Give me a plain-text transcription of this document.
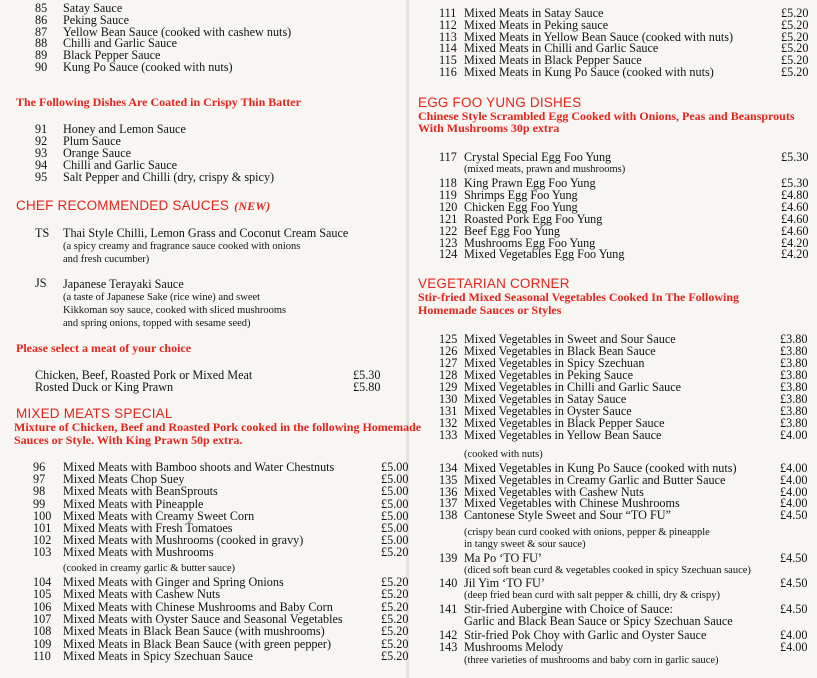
85 Satay Sauce
86 Peking Sauce
87 Yellow Bean Sauce (cooked with cashew nuts)
88 Chilli and Garlic Sauce
89 Black Pepper Sauce
90 Kung Po Sauce (cooked with nuts)
The Following Dishes Are Coated in Crispy Thin Batter
91 Honey and Lemon Sauce
92 Plum Sauce
93 Orange Sauce
94 Chilli and Garlic Sauce
95 Salt Pepper and Chilli (dry, crispy & spicy)
CHEF RECOMMENDED SAUCES (NEW)
TS Thai Style Chilli, Lemon Grass and Coconut Cream Sauce
(a spicy creamy and fragrance sauce cooked with onions
and fresh cucumber)
JS Japanese Terayaki Sauce
(a taste of Japanese Sake (rice wine) and sweet
Kikkoman soy sauce, cooked with sliced mushrooms
and spring onions, topped with sesame seed)
Please select a meat of your choice
Chicken, Beef, Roasted Pork or Mixed Meat	£5.30
Rosted Duck or King Prawn	£5.80
MIXED MEATS SPECIAL
Mixture of Chicken, Beef and Roasted Pork cooked in the following Homemade
Sauces or Style. With King Prawn 50p extra.
96 Mixed Meats with Bamboo shoots and Water Chestnuts	£5.00
97 Mixed Meats Chop Suey	£5.00
98 Mixed Meats with BeanSprouts	£5.00
99 Mixed Meats with Pineapple	£5.00
100 Mixed Meats with Creamy Sweet Corn	£5.00
101 Mixed Meats with Fresh Tomatoes	£5.00
102 Mixed Meats with Mushrooms (cooked in gravy)	£5.00
103 Mixed Meats with Mushrooms	£5.20
(cooked in creamy garlic & butter sauce)
104 Mixed Meats with Ginger and Spring Onions	£5.20
105 Mixed Meats with Cashew Nuts	£5.20
106 Mixed Meats with Chinese Mushrooms and Baby Corn	£5.20
107 Mixed Meats with Oyster Sauce and Seasonal Vegetables	£5.20
108 Mixed Meats in Black Bean Sauce (with mushrooms)	£5.20
109 Mixed Meats in Black Bean Sauce (with green pepper)	£5.20
110 Mixed Meats in Spicy Szechuan Sauce	£5.20
111 Mixed Meats in Satay Sauce	£5.20
112 Mixed Meats in Peking sauce	£5.20
113 Mixed Meats in Yellow Bean Sauce (cooked with nuts)	£5.20
114 Mixed Meats in Chilli and Garlic Sauce	£5.20
115 Mixed Meats in Black Pepper Sauce	£5.20
116 Mixed Meats in Kung Po Sauce (cooked with nuts)	£5.20
EGG FOO YUNG DISHES
Chinese Style Scrambled Egg Cooked with Onions, Peas and Beansprouts
With Mushrooms 30p extra
117 Crystal Special Egg Foo Yung	£5.30
(mixed meats, prawn and mushrooms)
118 King Prawn Egg Foo Yung	£5.30
119 Shrimps Egg Foo Yung	£4.80
120 Chicken Egg Foo Yung	£4.60
121 Roasted Pork Egg Foo Yung	£4.60
122 Beef Egg Foo Yung	£4.60
123 Mushrooms Egg Foo Yung	£4.20
124 Mixed Vegetables Egg Foo Yung	£4.20
VEGETARIAN CORNER
Stir-fried Mixed Seasonal Vegetables Cooked In The Following
Homemade Sauces or Styles
125 Mixed Vegetables in Sweet and Sour Sauce	£3.80
126 Mixed Vegetables in Black Bean Sauce	£3.80
127 Mixed Vegetables in Spicy Szechuan	£3.80
128 Mixed Vegetables in Peking Sauce	£3.80
129 Mixed Vegetables in Chilli and Garlic Sauce	£3.80
130 Mixed Vegetables in Satay Sauce	£3.80
131 Mixed Vegetables in Oyster Sauce	£3.80
132 Mixed Vegetables in Black Pepper Sauce	£3.80
133 Mixed Vegetables in Yellow Bean Sauce	£4.00
(cooked with nuts)
134 Mixed Vegetables in Kung Po Sauce (cooked with nuts)	£4.00
135 Mixed Vegetables in Creamy Garlic and Butter Sauce	£4.00
136 Mixed Vegetables with Cashew Nuts	£4.00
137 Mixed Vegetables with Chinese Mushrooms	£4.00
138 Cantonese Style Sweet and Sour “TO FU”	£4.50
(crispy bean curd cooked with onions, pepper & pineapple
in tangy sweet & sour sauce)
139 Ma Po ‘TO FU’	£4.50
(diced soft bean curd & vegetables cooked in spicy Szechuan sauce)
140 Jil Yim ‘TO FU’	£4.50
(deep fried bean curd with salt pepper & chilli, dry & crispy)
141 Stir-fried Aubergine with Choice of Sauce:	£4.50
Garlic and Black Bean Sauce or Spicy Szechuan Sauce
142 Stir-fried Pok Choy with Garlic and Oyster Sauce	£4.00
143 Mushrooms Melody	£4.00
(three varieties of mushrooms and baby corn in garlic sauce)
